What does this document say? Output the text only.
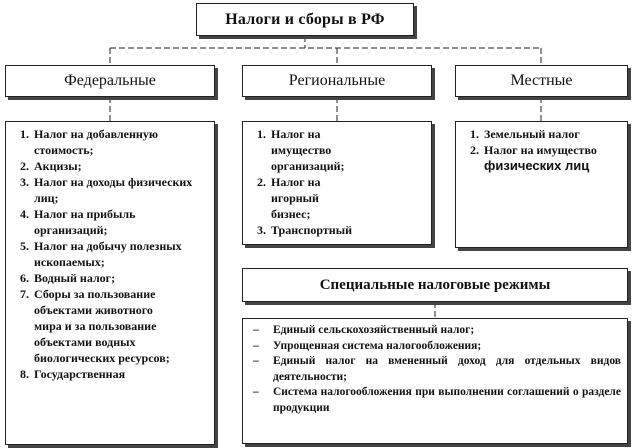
Налоги и сборы в РФ
Федеральные	Региональные	Местные
1. Налог на добавленную стоимость;
2. Акцизы;
3. Налог на доходы физических лиц;
4. Налог на прибыль организаций;
5. Налог на добычу полезных ископаемых;
6. Водный налог;
7. Сборы за пользование объектами животного мира и за пользование объектами водных биологических ресурсов;
8. Государственная
1. Налог на имущество организаций;
2. Налог на игорный бизнес;
3. Транспортный
1. Земельный налог
2. Налог на имущество
физических лиц
Специальные налоговые режимы
– Единый сельскохозяйственный налог;
– Упрощенная система налогообложения;
– Единый налог на вмененный доход для отдельных видов деятельности;
– Система налогообложения при выполнении соглашений о разделе продукции
